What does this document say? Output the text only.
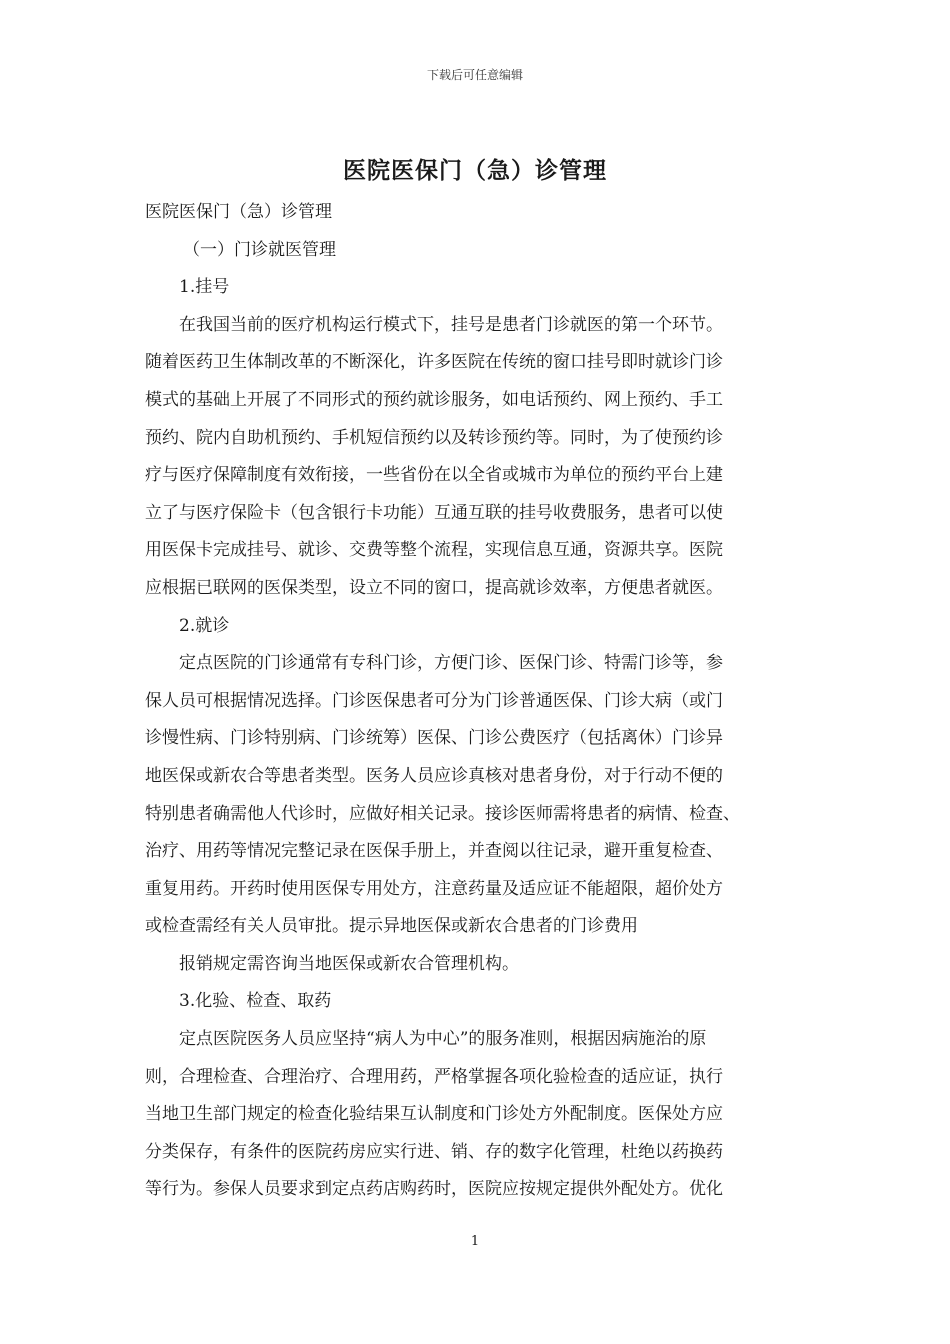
下载后可任意编辑
医院医保门（急）诊管理
医院医保门（急）诊管理
（一）门诊就医管理
1.挂号
在我国当前的医疗机构运行模式下，挂号是患者门诊就医的第一个环节。
随着医药卫生体制改革的不断深化，许多医院在传统的窗口挂号即时就诊门诊
模式的基础上开展了不同形式的预约就诊服务，如电话预约、网上预约、手工
预约、院内自助机预约、手机短信预约以及转诊预约等。同时，为了使预约诊
疗与医疗保障制度有效衔接，一些省份在以全省或城市为单位的预约平台上建
立了与医疗保险卡（包含银行卡功能）互通互联的挂号收费服务，患者可以使
用医保卡完成挂号、就诊、交费等整个流程，实现信息互通，资源共享。医院
应根据已联网的医保类型，设立不同的窗口，提高就诊效率，方便患者就医。
2.就诊
定点医院的门诊通常有专科门诊，方便门诊、医保门诊、特需门诊等，参
保人员可根据情况选择。门诊医保患者可分为门诊普通医保、门诊大病（或门
诊慢性病、门诊特别病、门诊统筹）医保、门诊公费医疗（包括离休）门诊异
地医保或新农合等患者类型。医务人员应诊真核对患者身份，对于行动不便的
特别患者确需他人代诊时，应做好相关记录。接诊医师需将患者的病情、检查、
治疗、用药等情况完整记录在医保手册上，并查阅以往记录，避开重复检查、
重复用药。开药时使用医保专用处方，注意药量及适应证不能超限，超价处方
或检查需经有关人员审批。提示异地医保或新农合患者的门诊费用
报销规定需咨询当地医保或新农合管理机构。
3.化验、检查、取药
定点医院医务人员应坚持“病人为中心”的服务准则，根据因病施治的原
则，合理检查、合理治疗、合理用药，严格掌握各项化验检查的适应证，执行
当地卫生部门规定的检查化验结果互认制度和门诊处方外配制度。医保处方应
分类保存，有条件的医院药房应实行进、销、存的数字化管理，杜绝以药换药
等行为。参保人员要求到定点药店购药时，医院应按规定提供外配处方。优化
1
